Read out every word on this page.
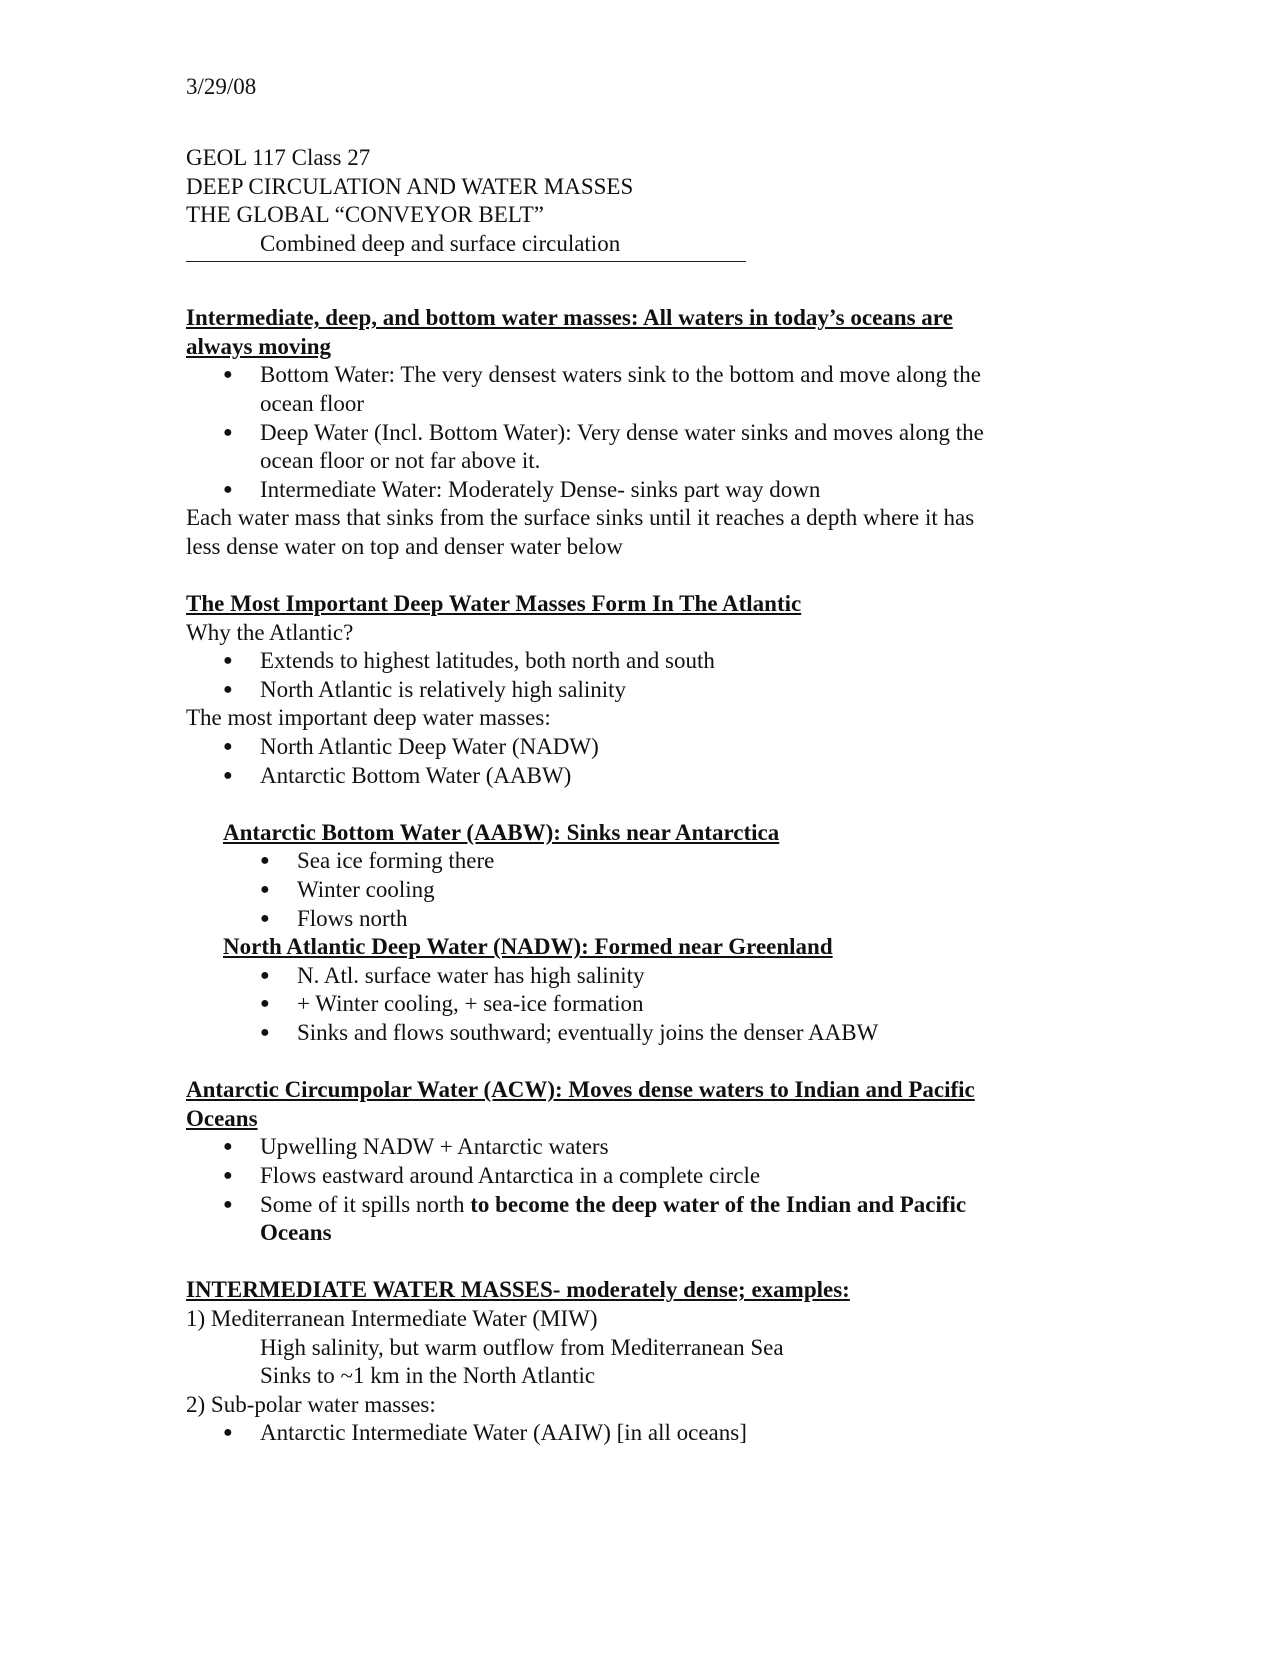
3/29/08
GEOL 117 Class 27
DEEP CIRCULATION AND WATER MASSES
THE GLOBAL “CONVEYOR BELT”
Combined deep and surface circulation
Intermediate, deep, and bottom water masses: All waters in today’s oceans are
always moving
● Bottom Water: The very densest waters sink to the bottom and move along the
ocean floor
● Deep Water (Incl. Bottom Water): Very dense water sinks and moves along the
ocean floor or not far above it.
● Intermediate Water: Moderately Dense- sinks part way down
Each water mass that sinks from the surface sinks until it reaches a depth where it has
less dense water on top and denser water below
The Most Important Deep Water Masses Form In The Atlantic
Why the Atlantic?
● Extends to highest latitudes, both north and south
● North Atlantic is relatively high salinity
The most important deep water masses:
● North Atlantic Deep Water (NADW)
● Antarctic Bottom Water (AABW)
Antarctic Bottom Water (AABW): Sinks near Antarctica
● Sea ice forming there
● Winter cooling
● Flows north
North Atlantic Deep Water (NADW): Formed near Greenland
● N. Atl. surface water has high salinity
● + Winter cooling, + sea-ice formation
● Sinks and flows southward; eventually joins the denser AABW
Antarctic Circumpolar Water (ACW): Moves dense waters to Indian and Pacific
Oceans
● Upwelling NADW + Antarctic waters
● Flows eastward around Antarctica in a complete circle
● Some of it spills north to become the deep water of the Indian and Pacific
Oceans
INTERMEDIATE WATER MASSES- moderately dense; examples:
1) Mediterranean Intermediate Water (MIW)
High salinity, but warm outflow from Mediterranean Sea
Sinks to ~1 km in the North Atlantic
2) Sub-polar water masses:
● Antarctic Intermediate Water (AAIW) [in all oceans]
